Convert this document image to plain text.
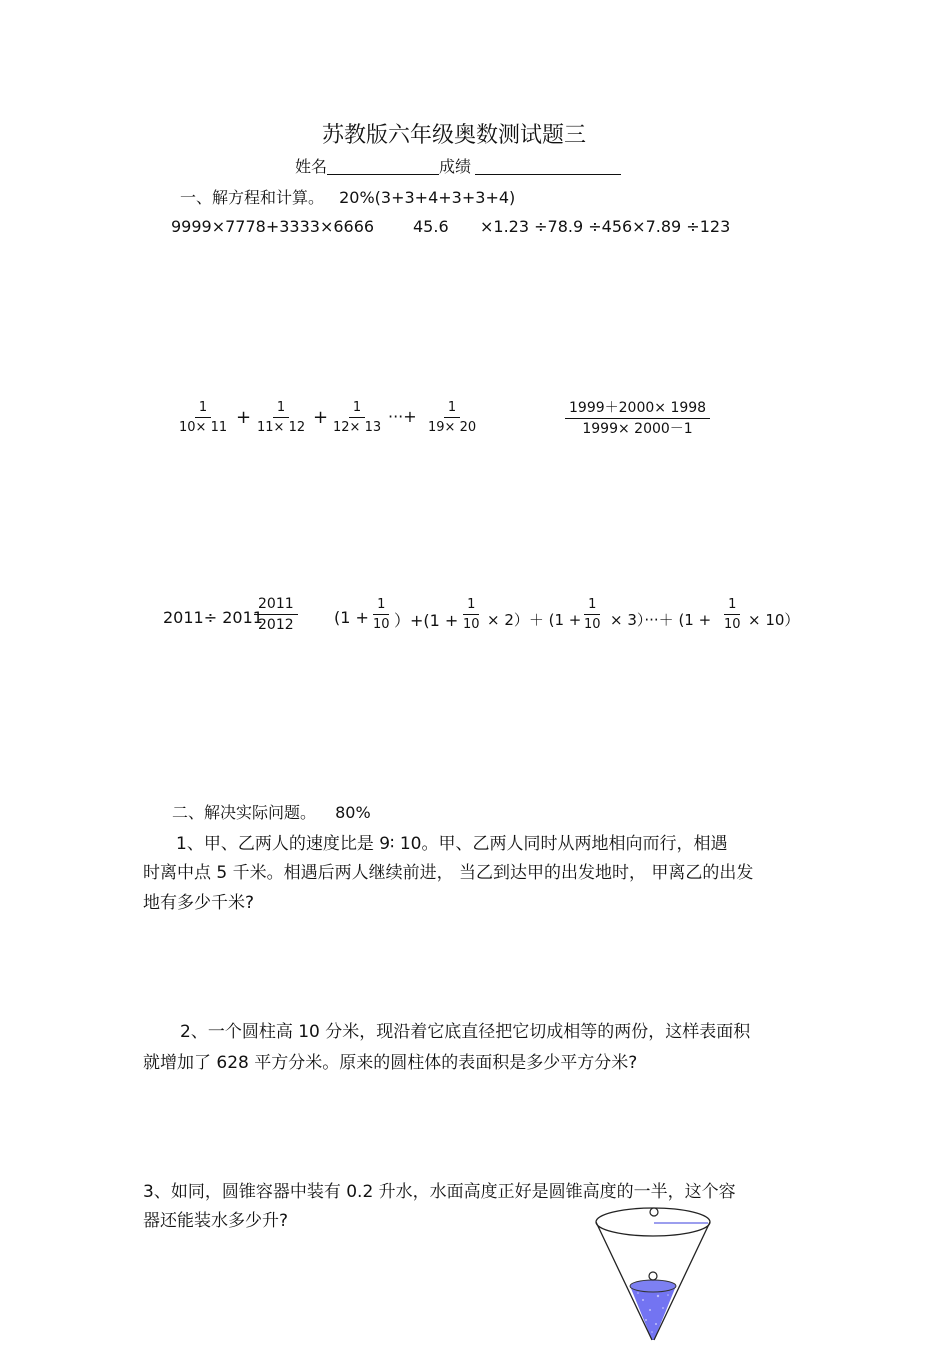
苏教版六年级奥数测试题三
姓名	成绩
一、解方程和计算。 20%(3+3+4+3+3+4)
9999×7778+3333×6666 45.6 ×1.23 ÷78.9 ÷456×7.89 ÷123
$\frac{1}{10\times 11} + \frac{1}{11\times 12} + \frac{1}{12\times 13}$ ···+ $\frac{1}{19\times 20}$	$\frac{1999+2000\times 1998}{1999\times 2000-1}$
2011÷ 2011
$\frac{2011}{2012} (1 + \frac{1}{10} )+(1 + \frac{1}{10} \times 2)+ (1$ +
$\frac{1}{10} \times 3)\cdot\cdot\cdot+ (1 + \frac{1}{10} \times 10)$
二、解决实际问题。 80%
1、甲、乙两人的速度比是 9∶ 10。甲、乙两人同时从两地相向而行，相遇
时离中点 5 千米。相遇后两人继续前进， 当乙到达甲的出发地时， 甲离乙的出发
地有多少千米?
2、一个圆柱高 10 分米，现沿着它底直径把它切成相等的两份，这样表面积
就增加了 628 平方分米。原来的圆柱体的表面积是多少平方分米?
3、如同，圆锥容器中装有 0.2 升水，水面高度正好是圆锥高度的一半，这个容
器还能装水多少升?
